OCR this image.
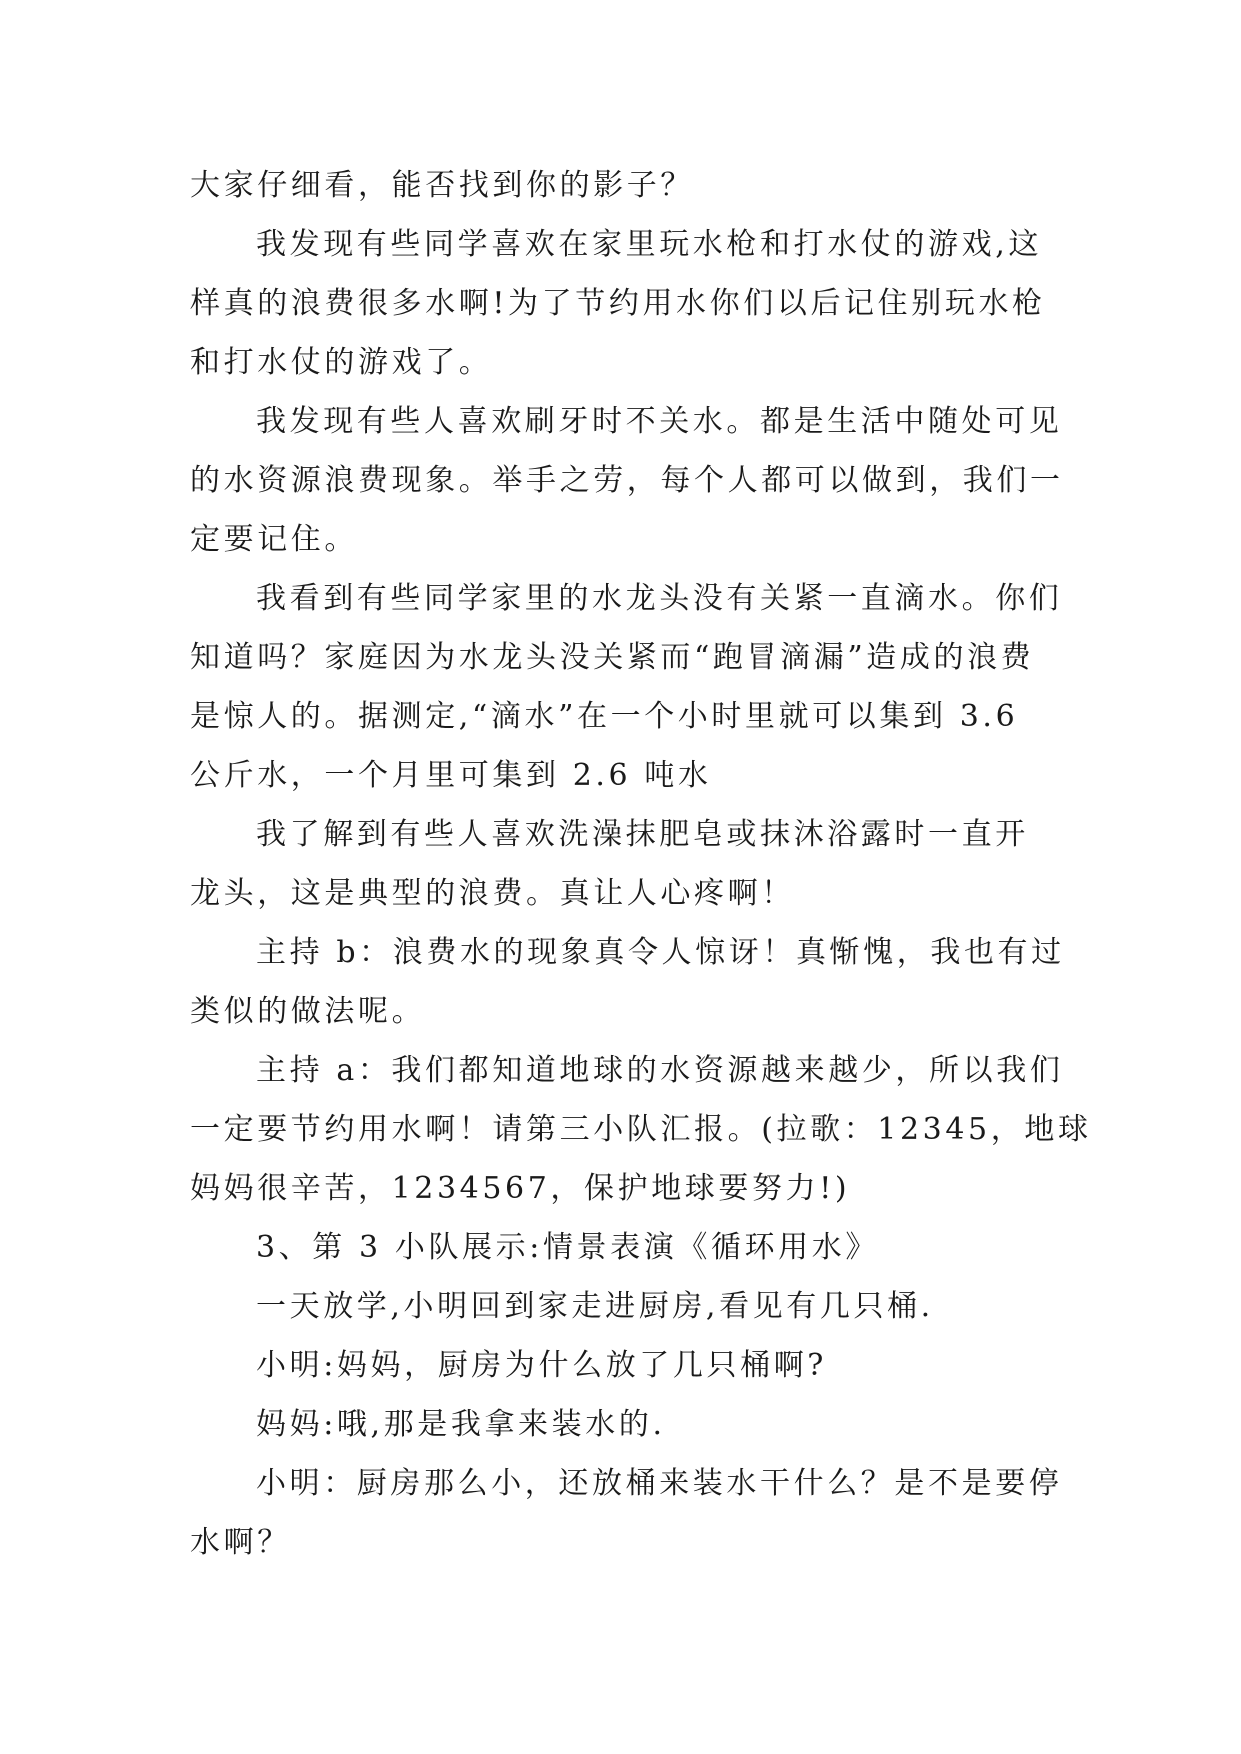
大家仔细看，能否找到你的影子？
我发现有些同学喜欢在家里玩水枪和打水仗的游戏,这
样真的浪费很多水啊!为了节约用水你们以后记住别玩水枪
和打水仗的游戏了。
我发现有些人喜欢刷牙时不关水。都是生活中随处可见
的水资源浪费现象。举手之劳，每个人都可以做到，我们一
定要记住。
我看到有些同学家里的水龙头没有关紧一直滴水。你们
知道吗？家庭因为水龙头没关紧而“跑冒滴漏”造成的浪费
是惊人的。据测定,“滴水”在一个小时里就可以集到 3.6
公斤水，一个月里可集到 2.6 吨水
我了解到有些人喜欢洗澡抹肥皂或抹沐浴露时一直开
龙头，这是典型的浪费。真让人心疼啊！
主持 b：浪费水的现象真令人惊讶！真惭愧，我也有过
类似的做法呢。
主持 a：我们都知道地球的水资源越来越少，所以我们
一定要节约用水啊！请第三小队汇报。(拉歌：12345，地球
妈妈很辛苦，1234567，保护地球要努力!)
3、第 3 小队展示:情景表演《循环用水》
一天放学,小明回到家走进厨房,看见有几只桶.
小明:妈妈，厨房为什么放了几只桶啊?
妈妈:哦,那是我拿来装水的.
小明：厨房那么小，还放桶来装水干什么？是不是要停
水啊？
